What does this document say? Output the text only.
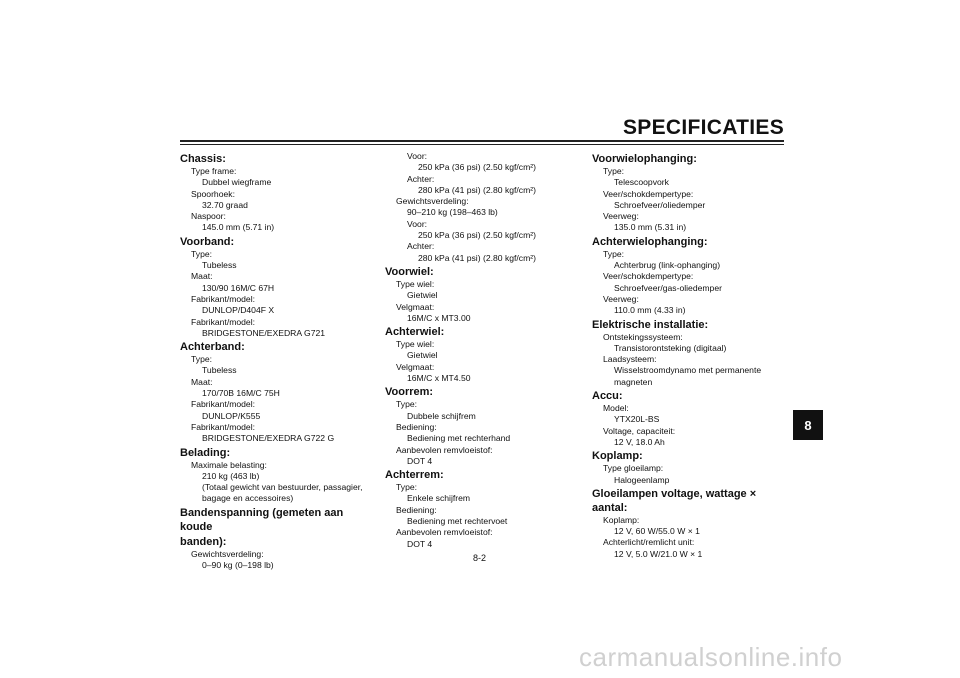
SPECIFICATIES
Chassis:
Type frame:
Dubbel wiegframe
Spoorhoek:
32.70 graad
Naspoor:
145.0 mm (5.71 in)
Voorband:
Type:
Tubeless
Maat:
130/90 16M/C 67H
Fabrikant/model:
DUNLOP/D404F X
Fabrikant/model:
BRIDGESTONE/EXEDRA G721
Achterband:
Type:
Tubeless
Maat:
170/70B 16M/C 75H
Fabrikant/model:
DUNLOP/K555
Fabrikant/model:
BRIDGESTONE/EXEDRA G722 G
Belading:
Maximale belasting:
210 kg (463 lb)
(Totaal gewicht van bestuurder, passagier,
bagage en accessoires)
Bandenspanning (gemeten aan koude
banden):
Gewichtsverdeling:
0–90 kg (0–198 lb)
Voor:
250 kPa (36 psi) (2.50 kgf/cm²)
Achter:
280 kPa (41 psi) (2.80 kgf/cm²)
Gewichtsverdeling:
90–210 kg (198–463 lb)
Voor:
250 kPa (36 psi) (2.50 kgf/cm²)
Achter:
280 kPa (41 psi) (2.80 kgf/cm²)
Voorwiel:
Type wiel:
Gietwiel
Velgmaat:
16M/C x MT3.00
Achterwiel:
Type wiel:
Gietwiel
Velgmaat:
16M/C x MT4.50
Voorrem:
Type:
Dubbele schijfrem
Bediening:
Bediening met rechterhand
Aanbevolen remvloeistof:
DOT 4
Achterrem:
Type:
Enkele schijfrem
Bediening:
Bediening met rechtervoet
Aanbevolen remvloeistof:
DOT 4
Voorwielophanging:
Type:
Telescoopvork
Veer/schokdempertype:
Schroefveer/oliedemper
Veerweg:
135.0 mm (5.31 in)
Achterwielophanging:
Type:
Achterbrug (link-ophanging)
Veer/schokdempertype:
Schroefveer/gas-oliedemper
Veerweg:
110.0 mm (4.33 in)
Elektrische installatie:
Ontstekingssysteem:
Transistorontsteking (digitaal)
Laadsysteem:
Wisselstroomdynamo met permanente
magneten
Accu:
Model:
YTX20L-BS
Voltage, capaciteit:
12 V, 18.0 Ah
Koplamp:
Type gloeilamp:
Halogeenlamp
Gloeilampen voltage, wattage × aantal:
Koplamp:
12 V, 60 W/55.0 W × 1
Achterlicht/remlicht unit:
12 V, 5.0 W/21.0 W × 1
8
8-2
carmanualsonline.info
